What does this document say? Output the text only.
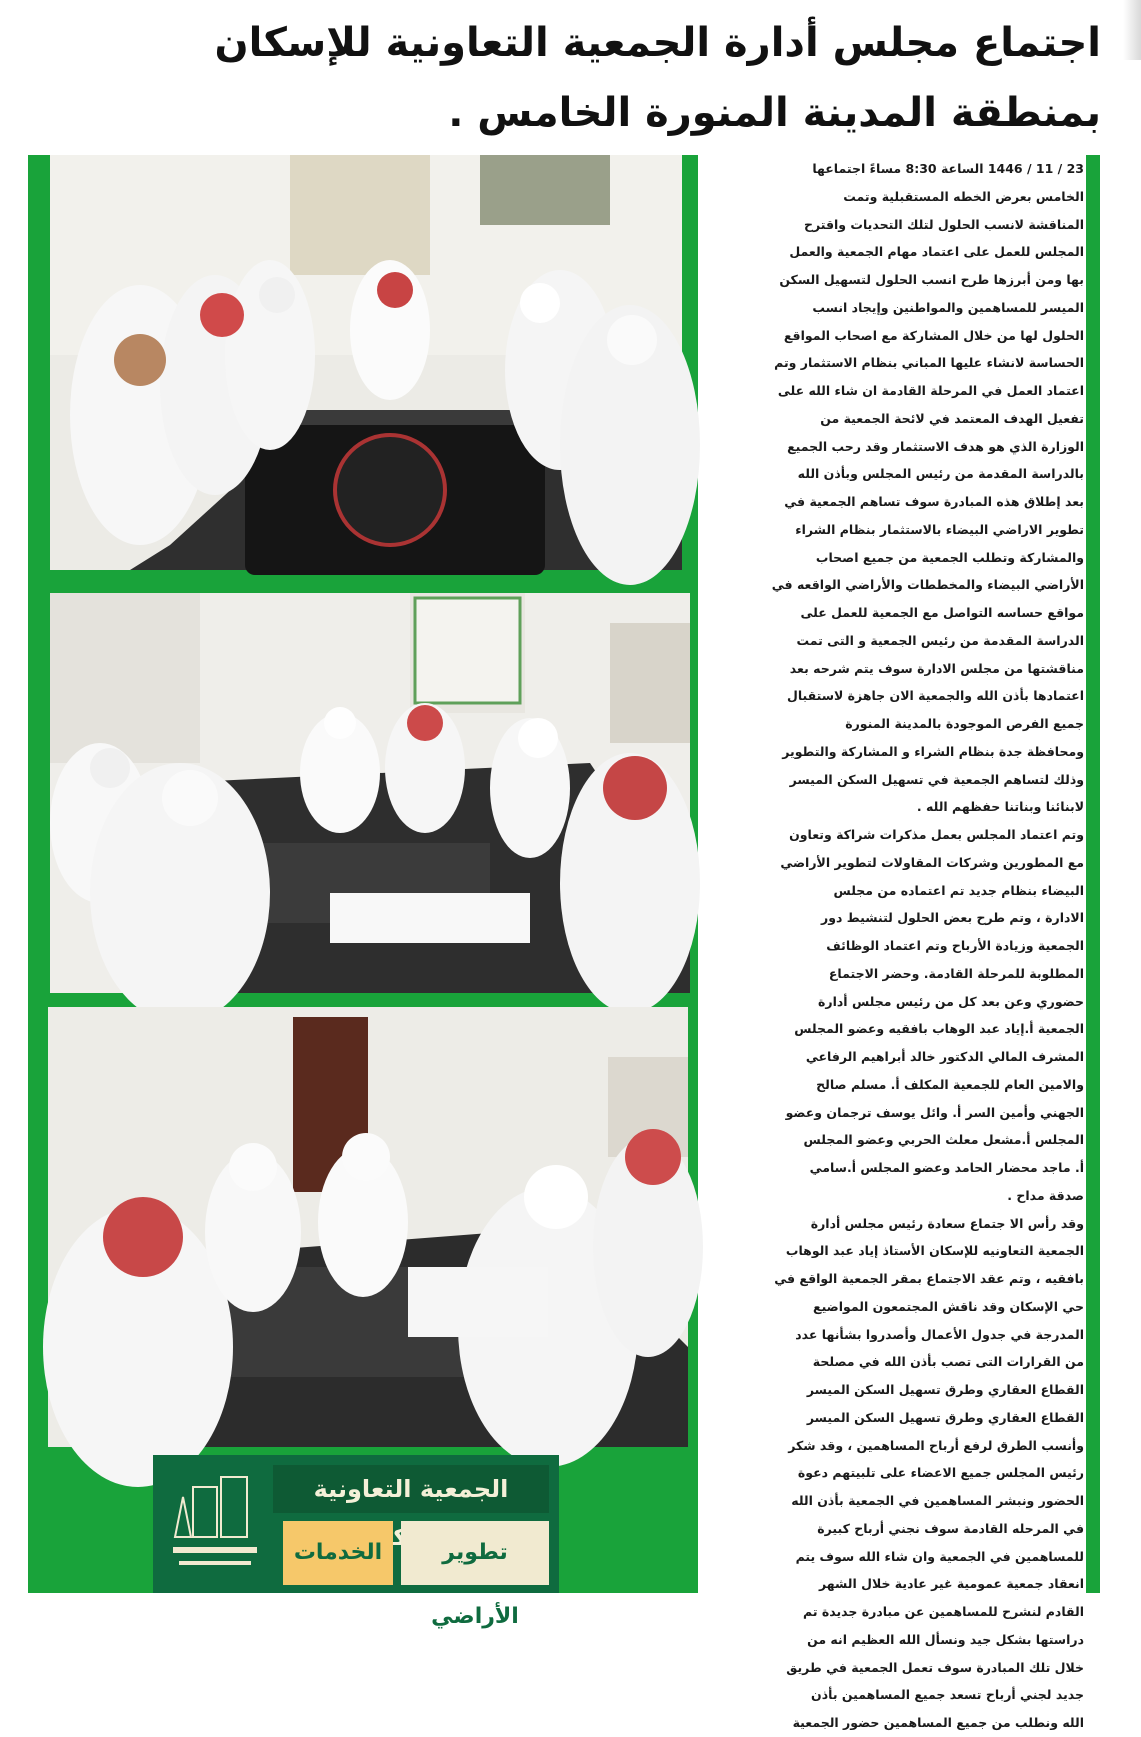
اجتماع مجلس أدارة الجمعية التعاونية للإسكان
بمنطقة المدينة المنورة الخامس .
الجمعية التعاونية
تطوير الأراضي
الخدمات

23 / 11 / 1446 الساعة 8:30 مساءً اجتماعها

الخامس بعرض الخطه المستقبلية وتمت

المناقشة لانسب الحلول لتلك التحديات واقترح

المجلس للعمل على اعتماد مهام الجمعية والعمل

بها ومن أبرزها طرح انسب الحلول لتسهيل السكن

الميسر للمساهمين والمواطنين وإيجاد انسب

الحلول لها من خلال المشاركة مع اصحاب المواقع

الحساسة لانشاء عليها المباني بنظام الاستثمار وتم

اعتماد العمل في المرحلة القادمة ان شاء الله على

تفعيل الهدف المعتمد في لائحة الجمعية من

الوزارة الذي هو هدف الاستثمار وقد رحب الجميع

بالدراسة المقدمة من رئيس المجلس وبأذن الله

بعد إطلاق هذه المبادرة سوف تساهم الجمعية في

تطوير الاراضي البيضاء بالاستثمار بنظام الشراء

والمشاركة وتطلب الجمعية من جميع اصحاب

الأراضي البيضاء والمخططات والأراضي الواقعه في

مواقع حساسه التواصل مع الجمعية للعمل على

الدراسة المقدمة من رئيس الجمعية و التى تمت

مناقشتها من مجلس الادارة سوف يتم شرحه بعد

اعتمادها بأذن الله والجمعية الان جاهزة لاستقبال

جميع الفرص الموجودة بالمدينة المنورة

ومحافظة جدة بنظام الشراء و المشاركة والتطوير

وذلك لتساهم الجمعية في تسهيل السكن الميسر

لابنائنا وبناتنا حفظهم الله .

وتم اعتماد المجلس بعمل مذكرات شراكة وتعاون

مع المطورين وشركات المقاولات لتطوير الأراضي

البيضاء بنظام جديد تم اعتماده من مجلس

الادارة ، وتم طرح بعض الحلول لتنشيط دور

الجمعية وزيادة الأرباح وتم اعتماد الوظائف

المطلوبة للمرحلة القادمة. وحضر الاجتماع

حضوري وعن بعد كل من رئيس مجلس أدارة

الجمعية أ.إياد عبد الوهاب بافقيه وعضو المجلس

المشرف المالي الدكتور خالد أبراهيم الرفاعي

والامين العام للجمعية المكلف أ. مسلم صالح

الجهني وأمين السر أ. وائل يوسف ترجمان وعضو

المجلس أ.مشعل معلث الحربي وعضو المجلس

أ. ماجد محضار الحامد وعضو المجلس أ.سامي

صدقة مداح .

وقد رأس الا جتماع سعادة رئيس مجلس أدارة

الجمعية التعاونيه للإسكان الأستاذ إياد عبد الوهاب

بافقيه ، وتم عقد الاجتماع بمقر الجمعية الواقع في

حي الإسكان وقد ناقش المجتمعون المواضيع

المدرجة في جدول الأعمال وأصدروا بشأنها عدد

من القرارات التى تصب بأذن الله في مصلحة

القطاع العقاري وطرق تسهيل السكن الميسر

القطاع العقاري وطرق تسهيل السكن الميسر

وأنسب الطرق لرفع أرباح المساهمين ، وقد شكر

رئيس المجلس جميع الاعضاء على تلبيتهم دعوة

الحضور ونبشر المساهمين في الجمعية بأذن الله

في المرحله القادمة سوف نجني أرباح كبيرة

للمساهمين في الجمعية وان شاء الله سوف يتم

انعقاد جمعية عمومية غير عادية خلال الشهر

القادم لنشرح للمساهمين عن مبادرة جديدة تم

دراستها بشكل جيد ونسأل الله العظيم انه من

خلال تلك المبادرة سوف تعمل الجمعية في طريق

جديد لجني أرباح تسعد جميع المساهمين بأذن

الله ونطلب من جميع المساهمين حضور الجمعية
